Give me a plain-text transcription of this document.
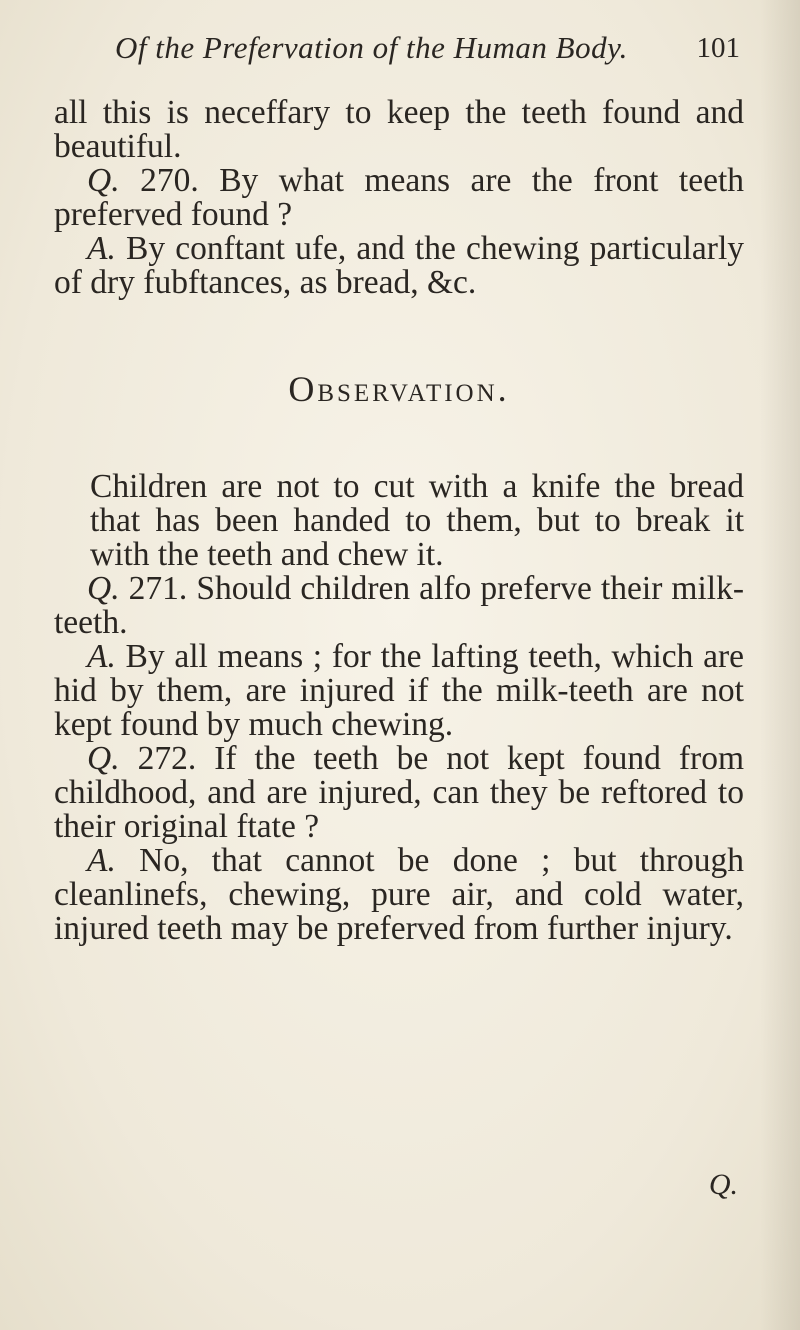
Of the Prefervation of the Human Body. 101

all this is neceffary to keep the teeth found and beautiful.

Q. 270. By what means are the front teeth preferved found ?

A. By conftant ufe, and the chewing particularly of dry fubftances, as bread, &c.

Observation.

Children are not to cut with a knife the bread that has been handed to them, but to break it with the teeth and chew it.

Q. 271. Should children alfo preferve their milk-teeth.

A. By all means ; for the lafting teeth, which are hid by them, are injured if the milk-teeth are not kept found by much chewing.

Q. 272. If the teeth be not kept found from childhood, and are injured, can they be reftored to their original ftate ?

A. No, that cannot be done ; but through cleanlinefs, chewing, pure air, and cold water, injured teeth may be preferved from further injury.

Q.
